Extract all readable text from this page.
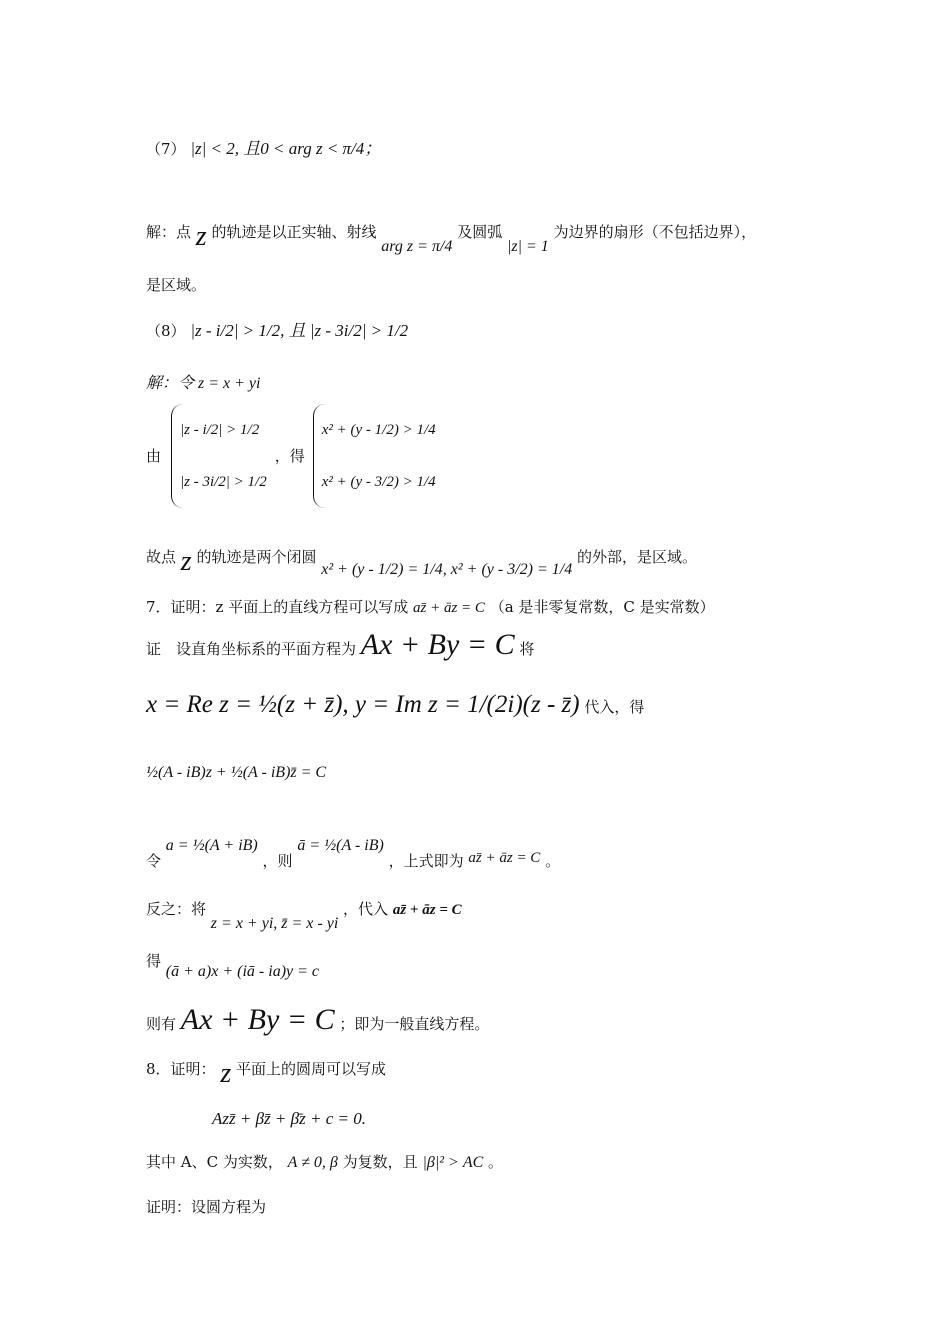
（7） |z| < 2, 且0 < arg z < π/4；
解：点 z 的轨迹是以正实轴、射线 arg z = π/4 及圆弧 |z| = 1 为边界的扇形（不包括边界），
是区域。
（8） |z - i/2| > 1/2, 且 |z - 3i/2| > 1/2
解：令 z = x + yi
由
|z - i/2| > 1/2
|z - 3i/2| > 1/2
，得
x² + (y - 1/2) > 1/4
x² + (y - 3/2) > 1/4
故点 z 的轨迹是两个闭圆 x² + (y - 1/2) = 1/4, x² + (y - 3/2) = 1/4 的外部，是区域。
7．证明：z 平面上的直线方程可以写成 az̄ + āz = C （a 是非零复常数，C 是实常数）
证　设直角坐标系的平面方程为 Ax + By = C 将
x = Re z = ½(z + z̄), y = Im z = 1/(2i)(z - z̄) 代入，得
½(A - iB)z + ½(A - iB)z̄ = C
令 a = ½(A + iB) ，则 ā = ½(A - iB) ，上式即为 az̄ + āz = C 。
反之：将 z = x + yi, z̄ = x - yi ，代入 az̄ + āz = C
得 (ā + a)x + (iā - ia)y = c
则有 Ax + By = C ；即为一般直线方程。
8．证明： z 平面上的圆周可以写成
Azz̄ + βz̄ + β̄z + c = 0.
其中 A、C 为实数， A ≠ 0, β 为复数，且 |β|² > AC 。
证明：设圆方程为
